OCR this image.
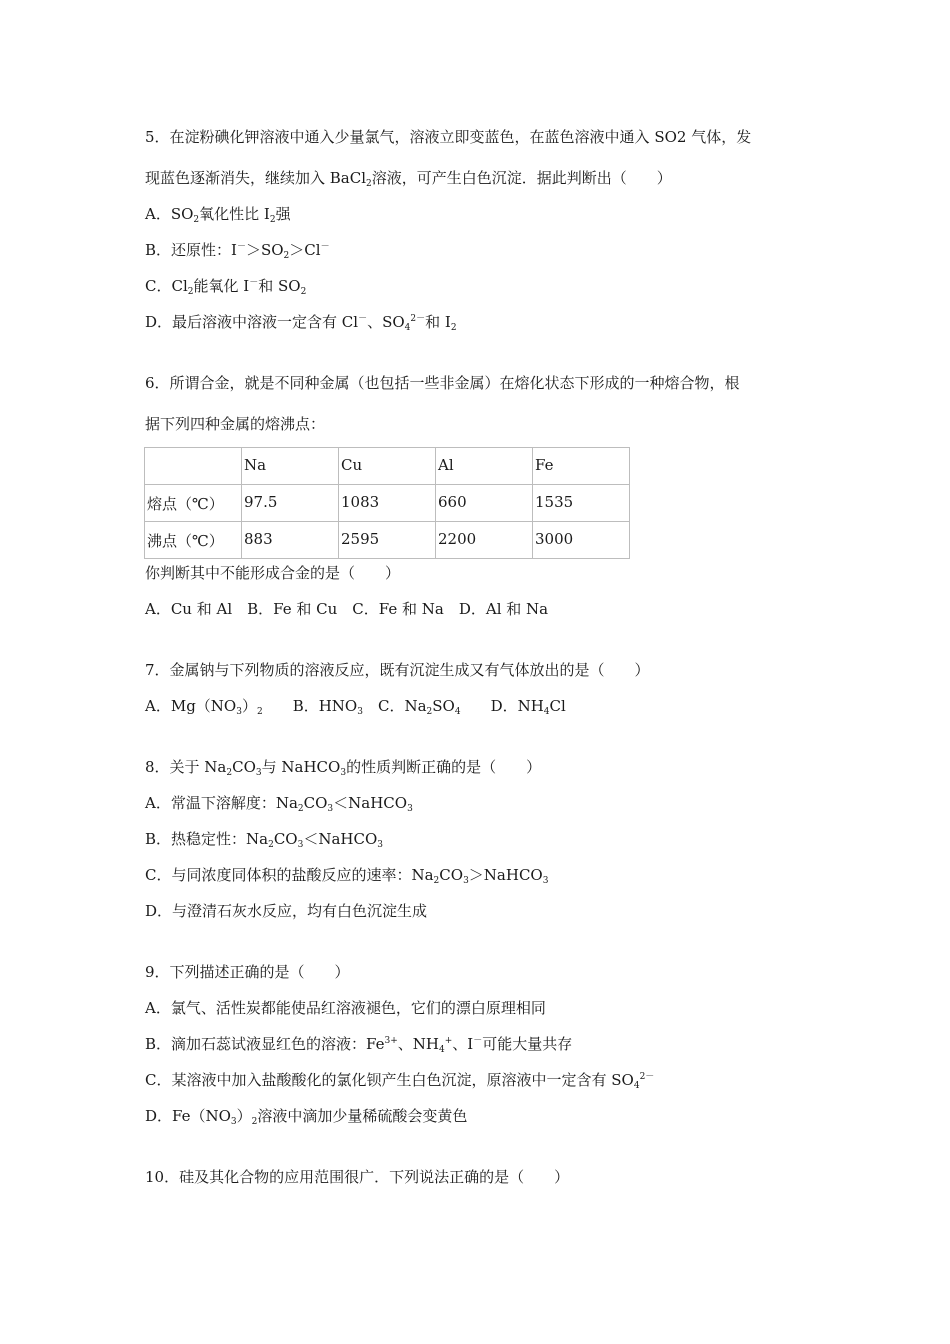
5．在淀粉碘化钾溶液中通入少量氯气，溶液立即变蓝色，在蓝色溶液中通入 SO2 气体，发
现蓝色逐渐消失，继续加入 BaCl$_2$溶液，可产生白色沉淀．据此判断出（　　）
A．$SO_2$氧化性比 $I_2$强
B．还原性：$I^->SO_2>Cl^-$
C．$Cl_2$能氧化 I－和 $SO_2$
D．最后溶液中溶液一定含有 Cl－、$SO_4^{2-}$和 $I_2$
6．所谓合金，就是不同种金属（也包括一些非金属）在熔化状态下形成的一种熔合物，根
据下列四种金属的熔沸点：
	Na	Cu	Al	Fe
熔点（℃）	97.5	1083	660	1535
沸点（℃）	883	2595	2200	3000
你判断其中不能形成合金的是（　　）
A．Cu 和 Al　B．Fe 和 Cu　C．Fe 和 Na　D．Al 和 Na
7．金属钠与下列物质的溶液反应，既有沉淀生成又有气体放出的是（　　）
A．$Mg(NO_3)_2$　　B．$HNO_3$　C．$Na_2SO_4$　　D．$NH_4Cl$
8．关于 $Na_2CO_3$与 NaHCO$_3$的性质判断正确的是（　　）
A．常温下溶解度：$Na_2CO_3<NaHCO_3$
B．热稳定性：$Na_2CO_3<NaHCO_3$
C．与同浓度同体积的盐酸反应的速率：$Na_2CO_3>NaHCO_3$
D．与澄清石灰水反应，均有白色沉淀生成
9．下列描述正确的是（　　）
A．氯气、活性炭都能使品红溶液褪色，它们的漂白原理相同
B．滴加石蕊试液显红色的溶液：$Fe^{3+}$、$NH_4^+$、I－可能大量共存
C．某溶液中加入盐酸酸化的氯化钡产生白色沉淀，原溶液中一定含有 $SO_4^{2-}$
D．$Fe(NO_3)_2$溶液中滴加少量稀硫酸会变黄色
10．硅及其化合物的应用范围很广．下列说法正确的是（　　）
